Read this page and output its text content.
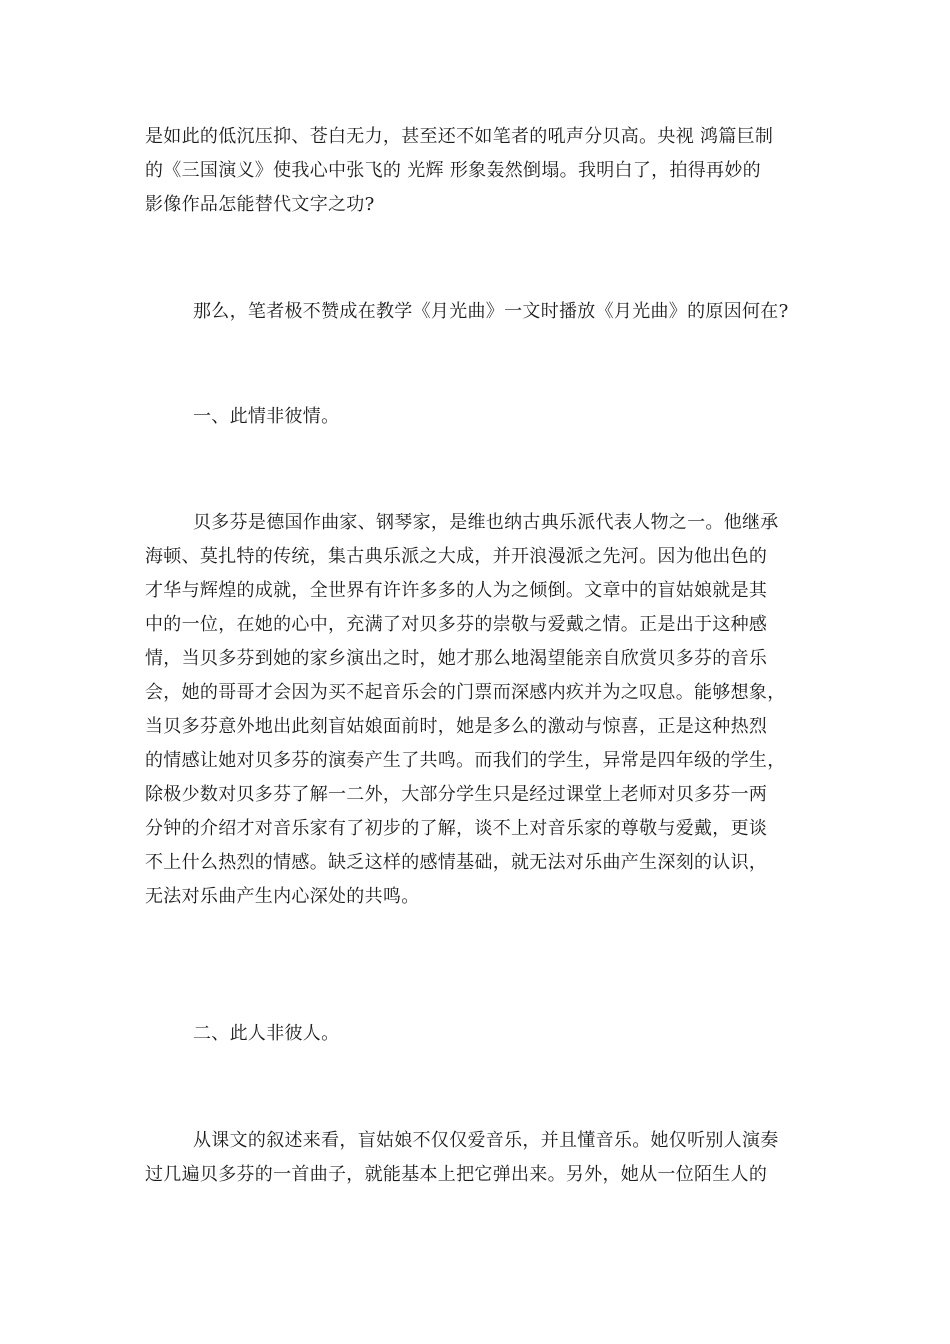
是如此的低沉压抑、苍白无力，甚至还不如笔者的吼声分贝高。央视 鸿篇巨制
的《三国演义》使我心中张飞的 光辉 形象轰然倒塌。我明白了，拍得再妙的
影像作品怎能替代文字之功?
那么，笔者极不赞成在教学《月光曲》一文时播放《月光曲》的原因何在?
一、此情非彼情。
贝多芬是德国作曲家、钢琴家，是维也纳古典乐派代表人物之一。他继承
海顿、莫扎特的传统，集古典乐派之大成，并开浪漫派之先河。因为他出色的
才华与辉煌的成就，全世界有许许多多的人为之倾倒。文章中的盲姑娘就是其
中的一位，在她的心中，充满了对贝多芬的崇敬与爱戴之情。正是出于这种感
情，当贝多芬到她的家乡演出之时，她才那么地渴望能亲自欣赏贝多芬的音乐
会，她的哥哥才会因为买不起音乐会的门票而深感内疚并为之叹息。能够想象，
当贝多芬意外地出此刻盲姑娘面前时，她是多么的激动与惊喜，正是这种热烈
的情感让她对贝多芬的演奏产生了共鸣。而我们的学生，异常是四年级的学生，
除极少数对贝多芬了解一二外，大部分学生只是经过课堂上老师对贝多芬一两
分钟的介绍才对音乐家有了初步的了解，谈不上对音乐家的尊敬与爱戴，更谈
不上什么热烈的情感。缺乏这样的感情基础，就无法对乐曲产生深刻的认识，
无法对乐曲产生内心深处的共鸣。
二、此人非彼人。
从课文的叙述来看，盲姑娘不仅仅爱音乐，并且懂音乐。她仅听别人演奏
过几遍贝多芬的一首曲子，就能基本上把它弹出来。另外，她从一位陌生人的
